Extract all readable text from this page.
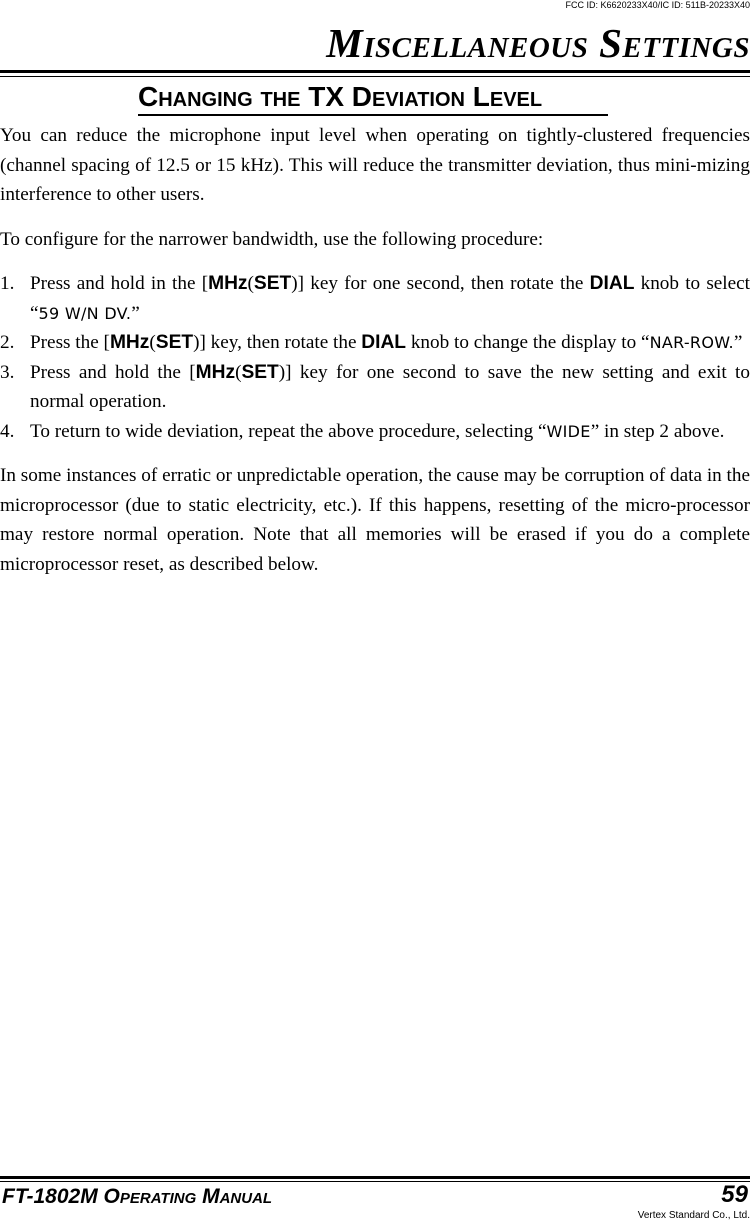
FCC ID: K6620233X40/IC ID: 511B-20233X40
Miscellaneous Settings
Changing the TX Deviation Level

You can reduce the microphone input level when operating on tightly-clustered frequencies (channel spacing of 12.5 or 15 kHz). This will reduce the transmitter deviation, thus mini-mizing interference to other users.

To configure for the narrower bandwidth, use the following procedure:

1. Press and hold in the [MHz(SET)] key for one second, then rotate the DIAL knob to select “59 W/N DV.”
2. Press the [MHz(SET)] key, then rotate the DIAL knob to change the display to “NAR-ROW.”
3. Press and hold the [MHz(SET)] key for one second to save the new setting and exit to normal operation.
4. To return to wide deviation, repeat the above procedure, selecting “WIDE” in step 2 above.

In some instances of erratic or unpredictable operation, the cause may be corruption of data in the microprocessor (due to static electricity, etc.). If this happens, resetting of the micro-processor may restore normal operation. Note that all memories will be erased if you do a complete microprocessor reset, as described below.

FT-1802M Operating Manual	59
Vertex Standard Co., Ltd.
